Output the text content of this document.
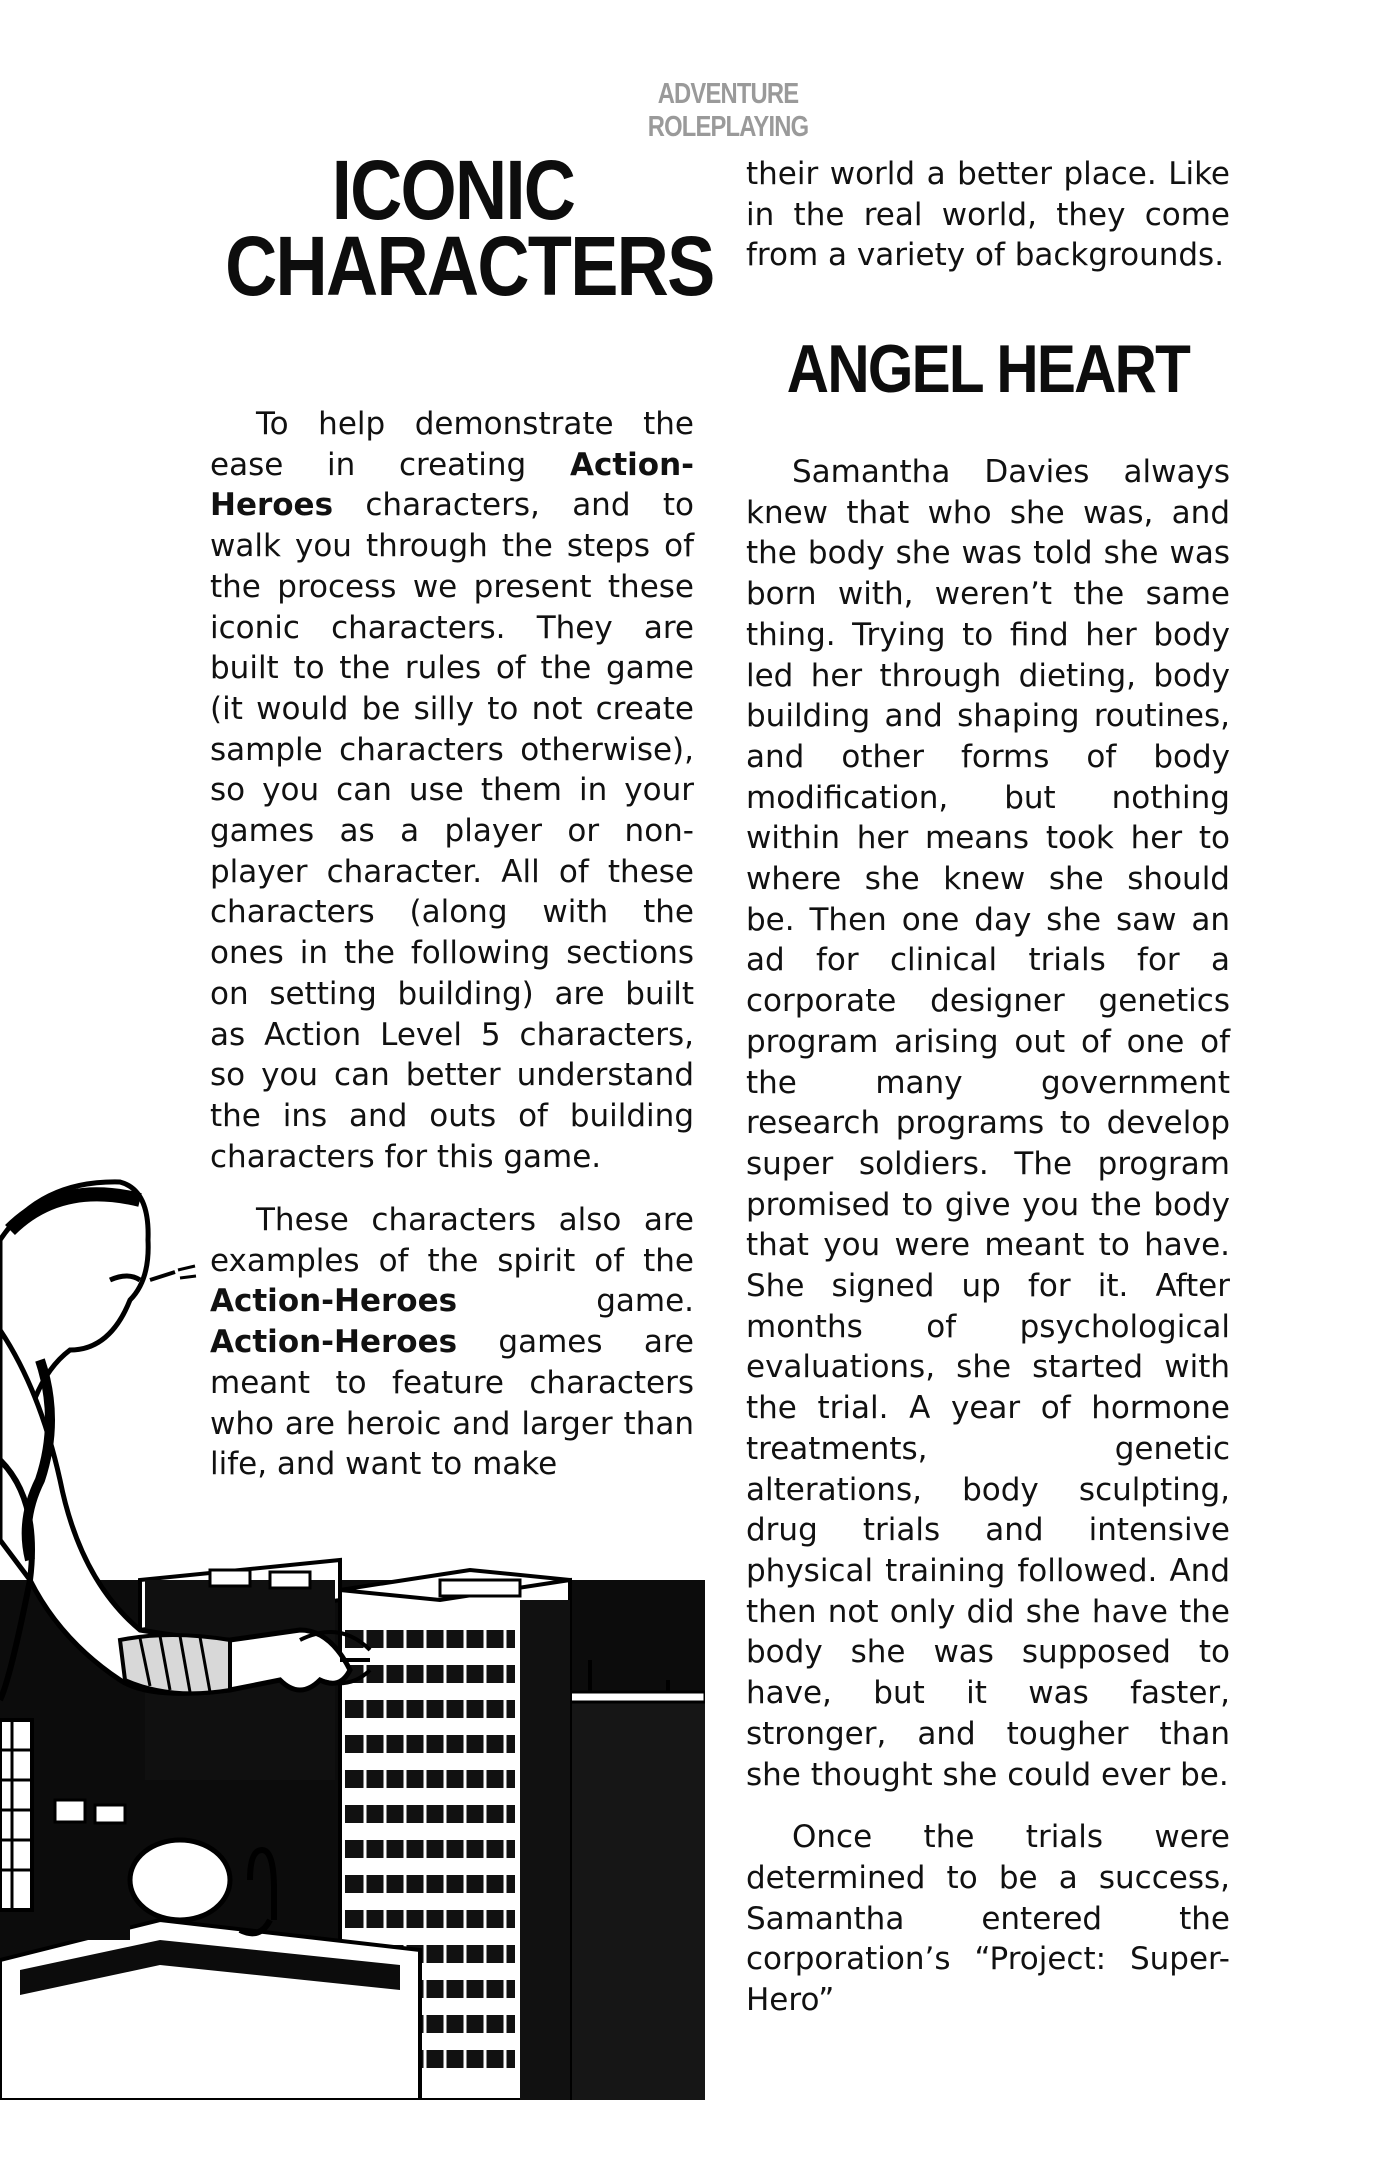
ADVENTURE ROLEPLAYING
ICONIC
CHARACTERS

To help demonstrate the ease in creating Action-Heroes characters, and to walk you through the steps of the process we present these iconic characters. They are built to the rules of the game (it would be silly to not create sample characters otherwise), so you can use them in your games as a player or non-player character. All of these characters (along with the ones in the following sections on setting building) are built as Action Level 5 characters, so you can better understand the ins and outs of building characters for this game.

These characters also are examples of the spirit of the Action-Heroes game. Action-Heroes games are meant to feature characters who are heroic and larger than life, and want to make

their world a better place. Like in the real world, they come from a variety of backgrounds.

ANGEL HEART

Samantha Davies always knew that who she was, and the body she was told she was born with, weren’t the same thing. Trying to find her body led her through dieting, body building and shaping routines, and other forms of body modification, but nothing within her means took her to where she knew she should be. Then one day she saw an ad for clinical trials for a corporate designer genetics program arising out of one of the many government research programs to develop super soldiers. The program promised to give you the body that you were meant to have. She signed up for it. After months of psychological evaluations, she started with the trial. A year of hormone treatments, genetic alterations, body sculpting, drug trials and intensive physical training followed. And then not only did she have the body she was supposed to have, but it was faster, stronger, and tougher than she thought she could ever be.

Once the trials were determined to be a success, Samantha entered the corporation’s “Project: Super-Hero”
